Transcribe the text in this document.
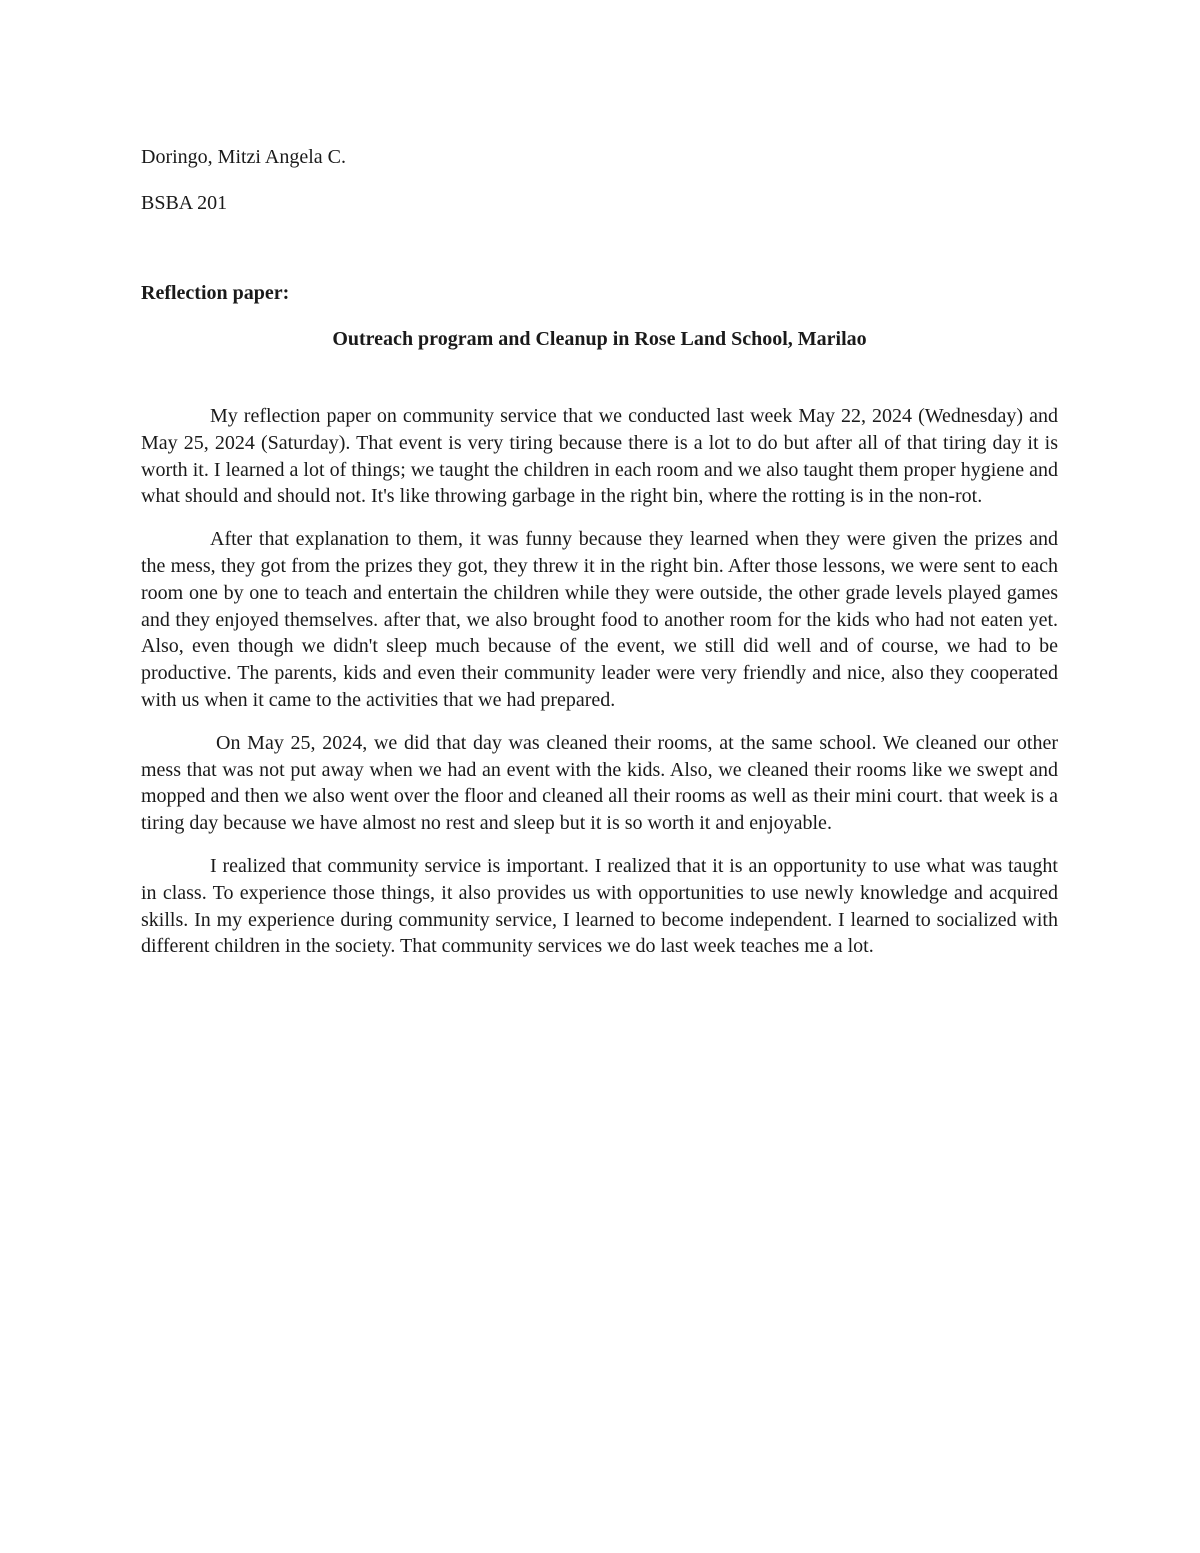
Doringo, Mitzi Angela C.

BSBA 201

Reflection paper:

Outreach program and Cleanup in Rose Land School, Marilao

My reflection paper on community service that we conducted last week May 22, 2024 (Wednesday) and May 25, 2024 (Saturday). That event is very tiring because there is a lot to do but after all of that tiring day it is worth it. I learned a lot of things; we taught the children in each room and we also taught them proper hygiene and what should and should not. It's like throwing garbage in the right bin, where the rotting is in the non-rot.

After that explanation to them, it was funny because they learned when they were given the prizes and the mess, they got from the prizes they got, they threw it in the right bin. After those lessons, we were sent to each room one by one to teach and entertain the children while they were outside, the other grade levels played games and they enjoyed themselves. after that, we also brought food to another room for the kids who had not eaten yet. Also, even though we didn't sleep much because of the event, we still did well and of course, we had to be productive. The parents, kids and even their community leader were very friendly and nice, also they cooperated with us when it came to the activities that we had prepared.

On May 25, 2024, we did that day was cleaned their rooms, at the same school. We cleaned our other mess that was not put away when we had an event with the kids. Also, we cleaned their rooms like we swept and mopped and then we also went over the floor and cleaned all their rooms as well as their mini court. that week is a tiring day because we have almost no rest and sleep but it is so worth it and enjoyable.

I realized that community service is important. I realized that it is an opportunity to use what was taught in class. To experience those things, it also provides us with opportunities to use newly knowledge and acquired skills. In my experience during community service, I learned to become independent. I learned to socialized with different children in the society. That community services we do last week teaches me a lot.
